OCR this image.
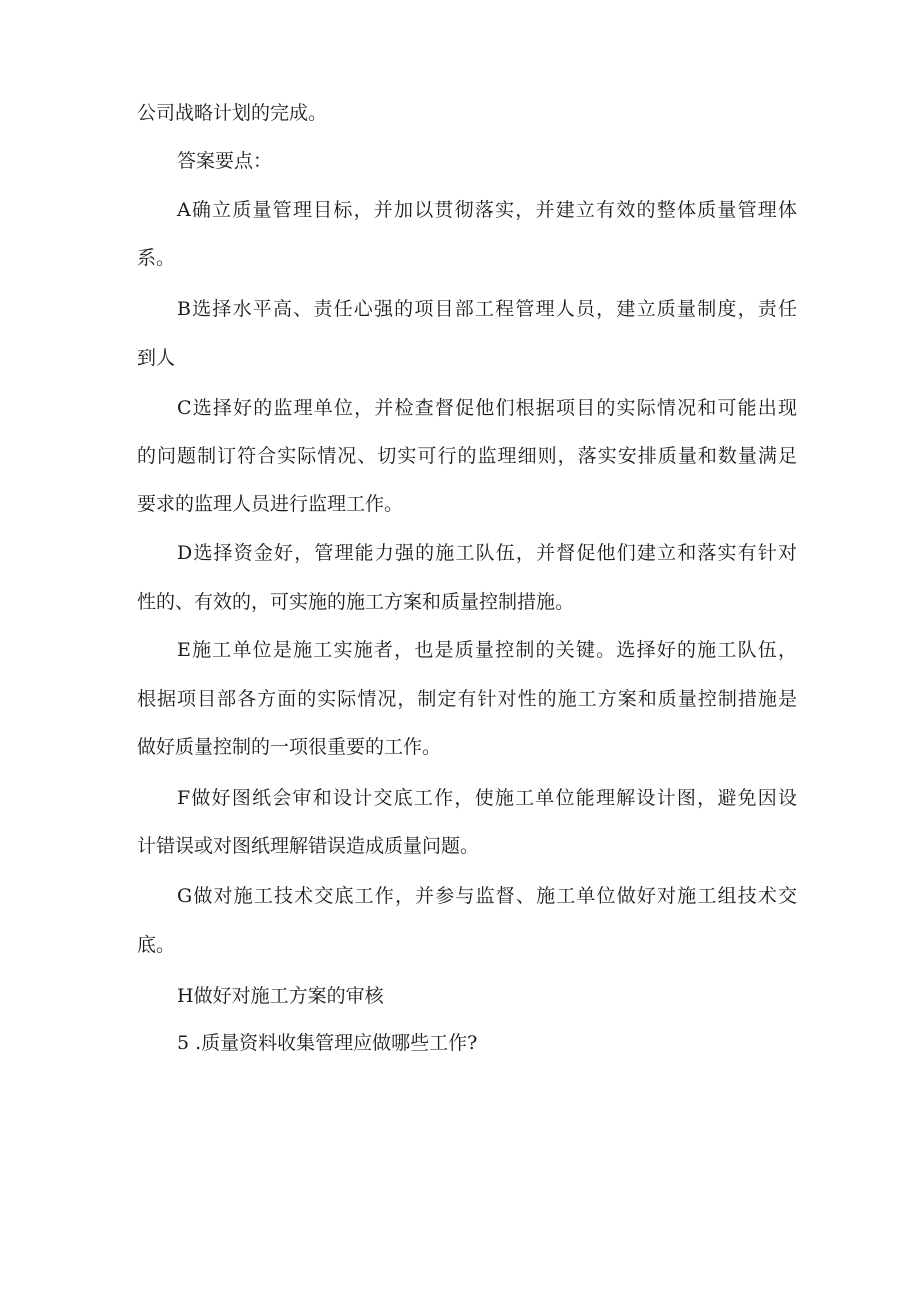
公司战略计划的完成。
答案要点：
A确立质量管理目标，并加以贯彻落实，并建立有效的整体质量管理体
系。
B选择水平高、责任心强的项目部工程管理人员，建立质量制度，责任
到人
C选择好的监理单位，并检查督促他们根据项目的实际情况和可能出现
的问题制订符合实际情况、切实可行的监理细则，落实安排质量和数量满足
要求的监理人员进行监理工作。
D选择资金好，管理能力强的施工队伍，并督促他们建立和落实有针对
性的、有效的，可实施的施工方案和质量控制措施。
E施工单位是施工实施者，也是质量控制的关键。选择好的施工队伍，
根据项目部各方面的实际情况，制定有针对性的施工方案和质量控制措施是
做好质量控制的一项很重要的工作。
F做好图纸会审和设计交底工作，使施工单位能理解设计图，避免因设
计错误或对图纸理解错误造成质量问题。
G做对施工技术交底工作，并参与监督、施工单位做好对施工组技术交
底。
H做好对施工方案的审核
5 .质量资料收集管理应做哪些工作?
